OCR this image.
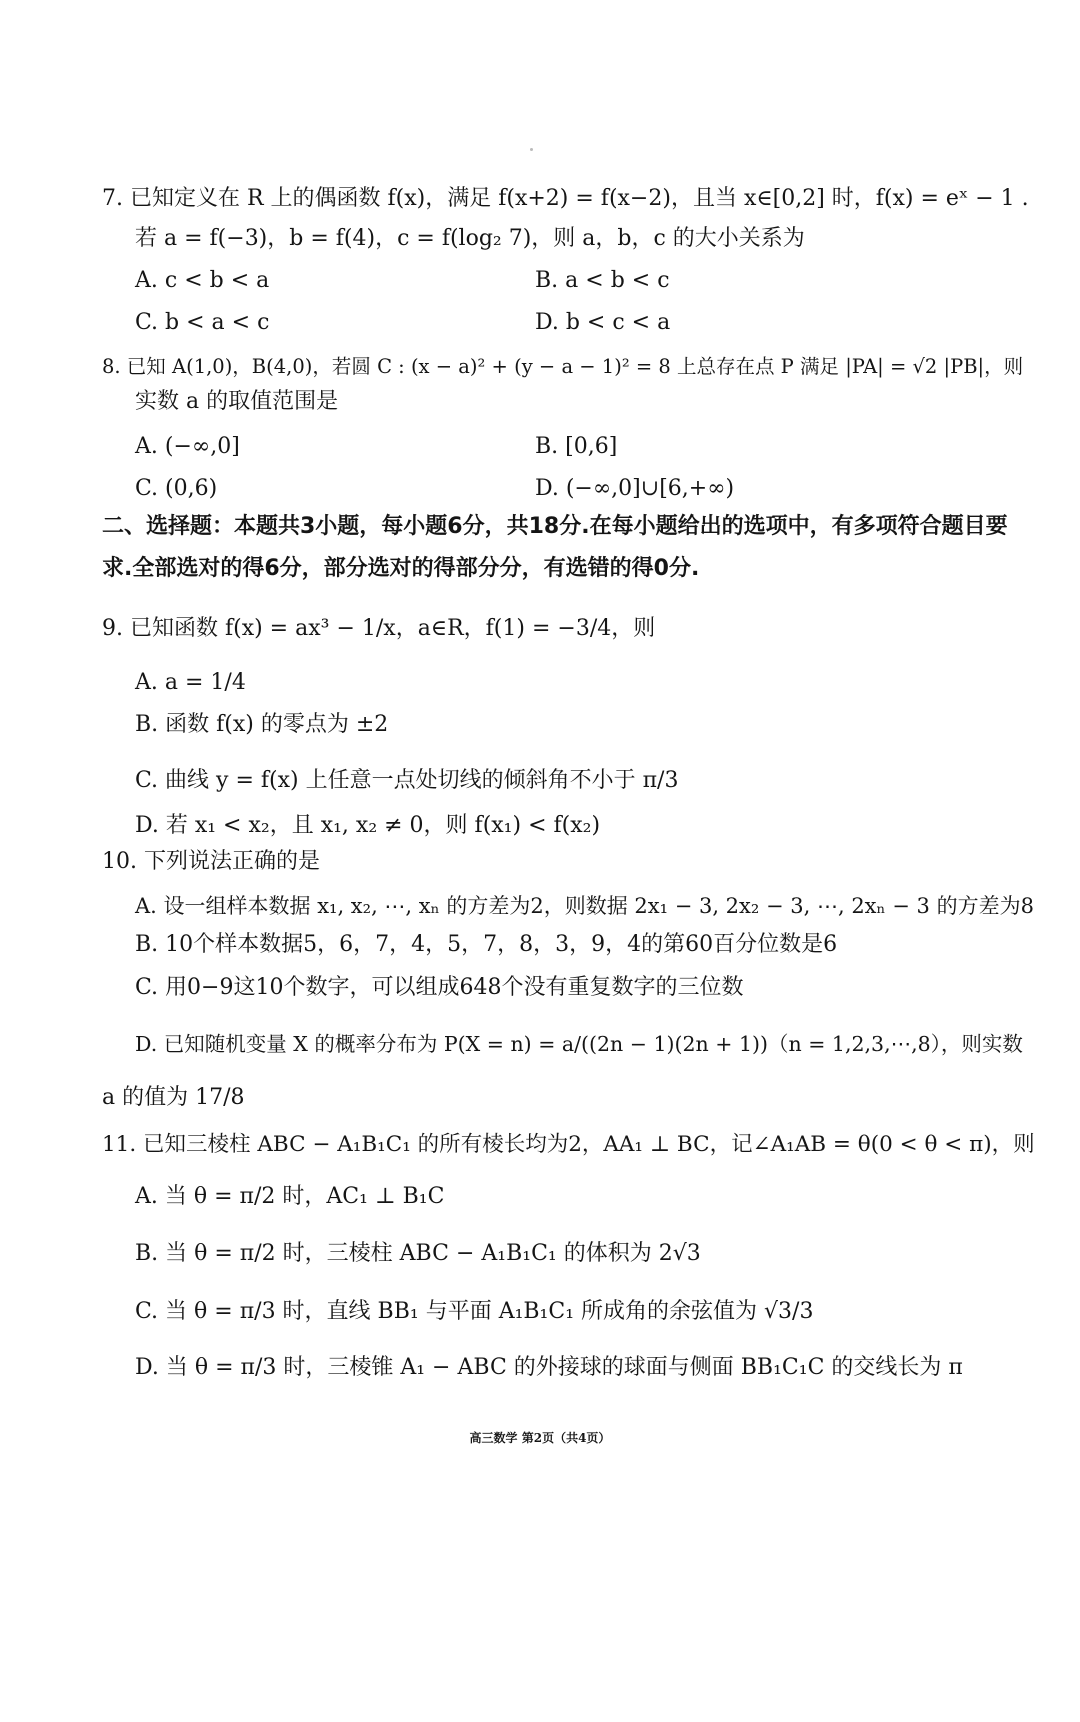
7. 已知定义在 R 上的偶函数 f(x)，满足 f(x+2) = f(x−2)，且当 x∈[0,2] 时，f(x) = eˣ − 1 .
若 a = f(−3)，b = f(4)，c = f(log₂ 7)，则 a，b，c 的大小关系为
A. c < b < a	B. a < b < c
C. b < a < c	D. b < c < a
8. 已知 A(1,0)，B(4,0)，若圆 C : (x − a)² + (y − a − 1)² = 8 上总存在点 P 满足 |PA| = √2 |PB|，则
实数 a 的取值范围是
A. (−∞,0]	B. [0,6]
C. (0,6)	D. (−∞,0]∪[6,+∞)
二、选择题：本题共3小题，每小题6分，共18分.在每小题给出的选项中，有多项符合题目要
求.全部选对的得6分，部分选对的得部分分，有选错的得0分.
9. 已知函数 f(x) = ax³ − 1/x，a∈R，f(1) = −3/4，则
A. a = 1/4
B. 函数 f(x) 的零点为 ±2
C. 曲线 y = f(x) 上任意一点处切线的倾斜角不小于 π/3
D. 若 x₁ < x₂，且 x₁, x₂ ≠ 0，则 f(x₁) < f(x₂)
10. 下列说法正确的是
A. 设一组样本数据 x₁, x₂, ⋯, xₙ 的方差为2，则数据 2x₁ − 3, 2x₂ − 3, ⋯, 2xₙ − 3 的方差为8
B. 10个样本数据5，6，7，4，5，7，8，3，9，4的第60百分位数是6
C. 用0−9这10个数字，可以组成648个没有重复数字的三位数
D. 已知随机变量 X 的概率分布为 P(X = n) = a/((2n − 1)(2n + 1))（n = 1,2,3,⋯,8），则实数
a 的值为 17/8
11. 已知三棱柱 ABC − A₁B₁C₁ 的所有棱长均为2，AA₁ ⊥ BC，记∠A₁AB = θ(0 < θ < π)，则
A. 当 θ = π/2 时，AC₁ ⊥ B₁C
B. 当 θ = π/2 时，三棱柱 ABC − A₁B₁C₁ 的体积为 2√3
C. 当 θ = π/3 时，直线 BB₁ 与平面 A₁B₁C₁ 所成角的余弦值为 √3/3
D. 当 θ = π/3 时，三棱锥 A₁ − ABC 的外接球的球面与侧面 BB₁C₁C 的交线长为 π
高三数学 第2页（共4页）
